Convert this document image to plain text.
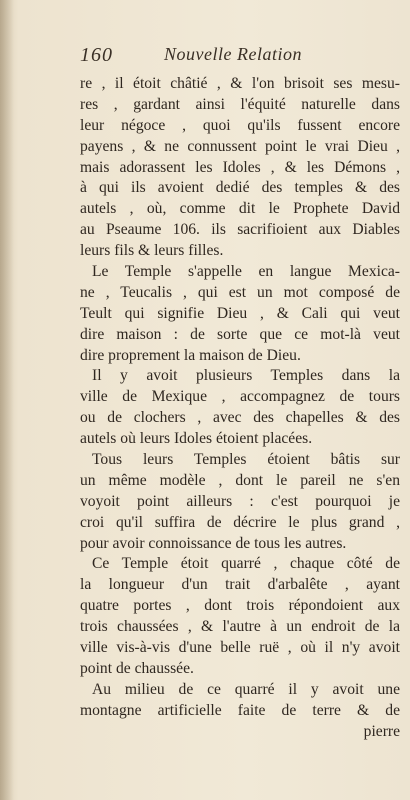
160	Nouvelle Relation
re , il étoit châtié , & l'on brisoit ses mesu-
res , gardant ainsi l'équité naturelle dans
leur négoce , quoi qu'ils fussent encore
payens , & ne connussent point le vrai Dieu ,
mais adorassent les Idoles , & les Démons ,
à qui ils avoient dedié des temples & des
autels , où, comme dit le Prophete David
au Pseaume 106. ils sacrifioient aux Diables
leurs fils & leurs filles.
Le Temple s'appelle en langue Mexica-
ne , Teucalis , qui est un mot composé de
Teult qui signifie Dieu , & Cali qui veut
dire maison : de sorte que ce mot-là veut
dire proprement la maison de Dieu.
Il y avoit plusieurs Temples dans la
ville de Mexique , accompagnez de tours
ou de clochers , avec des chapelles & des
autels où leurs Idoles étoient placées.
Tous leurs Temples étoient bâtis sur
un même modèle , dont le pareil ne s'en
voyoit point ailleurs : c'est pourquoi je
croi qu'il suffira de décrire le plus grand ,
pour avoir connoissance de tous les autres.
Ce Temple étoit quarré , chaque côté de
la longueur d'un trait d'arbalête , ayant
quatre portes , dont trois répondoient aux
trois chaussées , & l'autre à un endroit de la
ville vis-à-vis d'une belle ruë , où il n'y avoit
point de chaussée.
Au milieu de ce quarré il y avoit une
montagne artificielle faite de terre & de
pierre
